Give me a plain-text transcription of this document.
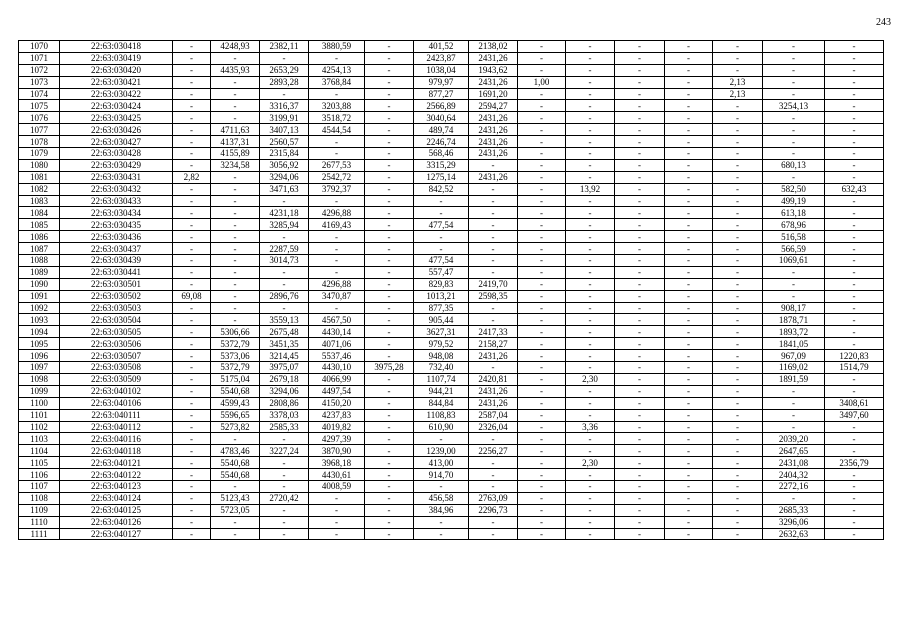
243
1070	22:63:030418	-	4248,93	2382,11	3880,59	-	401,52	2138,02	-	-	-	-	-	-	-
1071	22:63:030419	-	-	-	-	-	2423,87	2431,26	-	-	-	-	-	-	-
1072	22:63:030420	-	4435,93	2653,29	4254,13	-	1038,04	1943,62	-	-	-	-	-	-	-
1073	22:63:030421	-	-	2893,28	3768,84	-	979,97	2431,26	1,00	-	-	-	2,13	-	-
1074	22:63:030422	-	-	-	-	-	877,27	1691,20	-	-	-	-	2,13	-	-
1075	22:63:030424	-	-	3316,37	3203,88	-	2566,89	2594,27	-	-	-	-	-	3254,13	-
1076	22:63:030425	-	-	3199,91	3518,72	-	3040,64	2431,26	-	-	-	-	-	-	-
1077	22:63:030426	-	4711,63	3407,13	4544,54	-	489,74	2431,26	-	-	-	-	-	-	-
1078	22:63:030427	-	4137,31	2560,57	-	-	2246,74	2431,26	-	-	-	-	-	-	-
1079	22:63:030428	-	4155,89	2315,84	-	-	568,46	2431,26	-	-	-	-	-	-	-
1080	22:63:030429	-	3234,58	3056,92	2677,53	-	3315,29	-	-	-	-	-	-	680,13	-
1081	22:63:030431	2,82	-	3294,06	2542,72	-	1275,14	2431,26	-	-	-	-	-	-	-
1082	22:63:030432	-	-	3471,63	3792,37	-	842,52	-	-	13,92	-	-	-	582,50	632,43
1083	22:63:030433	-	-	-	-	-	-	-	-	-	-	-	-	499,19	-
1084	22:63:030434	-	-	4231,18	4296,88	-	-	-	-	-	-	-	-	613,18	-
1085	22:63:030435	-	-	3285,94	4169,43	-	477,54	-	-	-	-	-	-	678,96	-
1086	22:63:030436	-	-	-	-	-	-	-	-	-	-	-	-	516,58	-
1087	22:63:030437	-	-	2287,59	-	-	-	-	-	-	-	-	-	566,59	-
1088	22:63:030439	-	-	3014,73	-	-	477,54	-	-	-	-	-	-	1069,61	-
1089	22:63:030441	-	-	-	-	-	557,47	-	-	-	-	-	-	-	-
1090	22:63:030501	-	-	-	4296,88	-	829,83	2419,70	-	-	-	-	-	-	-
1091	22:63:030502	69,08	-	2896,76	3470,87	-	1013,21	2598,35	-	-	-	-	-	-	-
1092	22:63:030503	-	-	-	-	-	877,35	-	-	-	-	-	-	908,17	-
1093	22:63:030504	-	-	3559,13	4567,50	-	905,44	-	-	-	-	-	-	1878,71	-
1094	22:63:030505	-	5306,66	2675,48	4430,14	-	3627,31	2417,33	-	-	-	-	-	1893,72	-
1095	22:63:030506	-	5372,79	3451,35	4071,06	-	979,52	2158,27	-	-	-	-	-	1841,05	-
1096	22:63:030507	-	5373,06	3214,45	5537,46	-	948,08	2431,26	-	-	-	-	-	967,09	1220,83
1097	22:63:030508	-	5372,79	3975,07	4430,10	3975,28	732,40	-	-	-	-	-	-	1169,02	1514,79
1098	22:63:030509	-	5175,04	2679,18	4066,99	-	1107,74	2420,81	-	2,30	-	-	-	1891,59	-
1099	22:63:040102	-	5540,68	3294,06	4497,54	-	944,21	2431,26	-	-	-	-	-	-	-
1100	22:63:040106	-	4599,43	2808,86	4150,20	-	844,84	2431,26	-	-	-	-	-	-	3408,61
1101	22:63:040111	-	5596,65	3378,03	4237,83	-	1108,83	2587,04	-	-	-	-	-	-	3497,60
1102	22:63:040112	-	5273,82	2585,33	4019,82	-	610,90	2326,04	-	3,36	-	-	-	-	-
1103	22:63:040116	-	-	-	4297,39	-	-	-	-	-	-	-	-	2039,20	-
1104	22:63:040118	-	4783,46	3227,24	3870,90	-	1239,00	2256,27	-	-	-	-	-	2647,65	-
1105	22:63:040121	-	5540,68	-	3968,18	-	413,00	-	-	2,30	-	-	-	2431,08	2356,79
1106	22:63:040122	-	5540,68	-	4430,61	-	914,70	-	-	-	-	-	-	2404,32	-
1107	22:63:040123	-	-	-	4008,59	-	-	-	-	-	-	-	-	2272,16	-
1108	22:63:040124	-	5123,43	2720,42	-	-	456,58	2763,09	-	-	-	-	-	-	-
1109	22:63:040125	-	5723,05	-	-	-	384,96	2296,73	-	-	-	-	-	2685,33	-
1110	22:63:040126	-	-	-	-	-	-	-	-	-	-	-	-	3296,06	-
1111	22:63:040127	-	-	-	-	-	-	-	-	-	-	-	-	2632,63	-
